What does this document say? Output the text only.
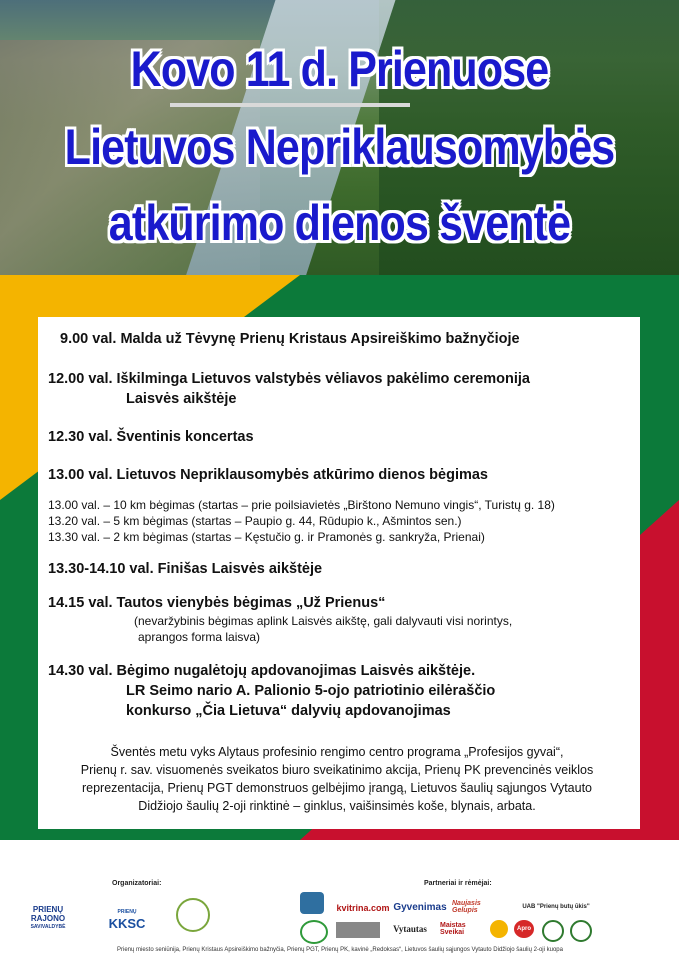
Kovo 11 d. Prienuose
Lietuvos Nepriklausomybės
atkūrimo dienos šventė
9.00 val. Malda už Tėvynę Prienų Kristaus Apsireiškimo bažnyčioje
12.00 val. Iškilminga Lietuvos valstybės vėliavos pakėlimo ceremonija
Laisvės aikštėje
12.30 val. Šventinis koncertas
13.00 val. Lietuvos Nepriklausomybės atkūrimo dienos bėgimas
13.00 val. – 10 km bėgimas (startas – prie poilsiavietės „Birštono Nemuno vingis“, Turistų g. 18)
13.20 val. – 5 km bėgimas (startas – Paupio g. 44, Rūdupio k., Ašmintos sen.)
13.30 val. – 2 km bėgimas (startas – Kęstučio g. ir Pramonės g. sankryža, Prienai)
13.30-14.10 val. Finišas Laisvės aikštėje
14.15 val. Tautos vienybės bėgimas „Už Prienus“
(nevaržybinis bėgimas aplink Laisvės aikštę, gali dalyvauti visi norintys,
aprangos forma laisva)
14.30 val. Bėgimo nugalėtojų apdovanojimas Laisvės aikštėje.
LR Seimo nario A. Palionio 5-ojo patriotinio eilėraščio
konkurso „Čia Lietuva“ dalyvių apdovanojimas
Šventės metu vyks Alytaus profesinio rengimo centro programa „Profesijos gyvai“,
Prienų r. sav. visuomenės sveikatos biuro sveikatinimo akcija, Prienų PK prevencinės veiklos
reprezentacija, Prienų PGT demonstruos gelbėjimo įrangą, Lietuvos šaulių sąjungos Vytauto
Didžiojo šaulių 2-oji rinktinė – ginklus, vaišinsimės koše, blynais, arbata.
Organizatoriai:	Partneriai ir rėmėjai:
PRIENŲ
RAJONO
SAVIVALDYBĖ
PRIENŲ
KKSC
kvitrina.com Gyvenimas Naujasis Gelupis	UAB "Prienų butų ūkis"
Vytautas	Maistas Sveikai	Apro
Prienų miesto seniūnija, Prienų Kristaus Apsireiškimo bažnyčia, Prienų PGT, Prienų PK, kavinė „Redoksas“, Lietuvos šaulių sąjungos Vytauto Didžiojo šaulių 2-oji kuopa
